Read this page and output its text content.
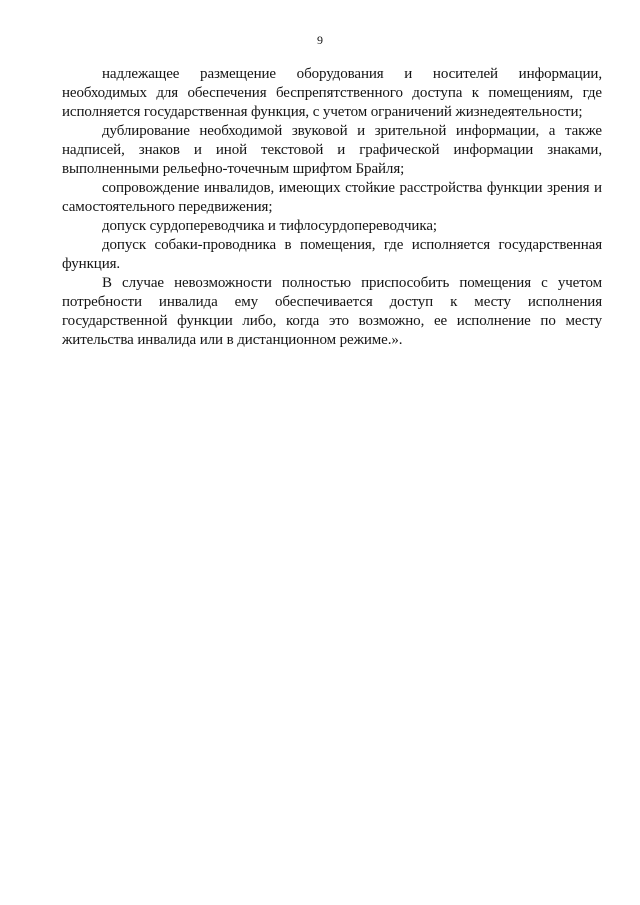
9

надлежащее размещение оборудования и носителей информации, необходимых для обеспечения беспрепятственного доступа к помещениям, где исполняется государственная функция, с учетом ограничений жизнедеятельности;

дублирование необходимой звуковой и зрительной информации, а также надписей, знаков и иной текстовой и графической информации знаками, выполненными рельефно-точечным шрифтом Брайля;

сопровождение инвалидов, имеющих стойкие расстройства функции зрения и самостоятельного передвижения;

допуск сурдопереводчика и тифлосурдопереводчика;

допуск собаки-проводника в помещения, где исполняется государственная функция.

В случае невозможности полностью приспособить помещения с учетом потребности инвалида ему обеспечивается доступ к месту исполнения государственной функции либо, когда это возможно, ее исполнение по месту жительства инвалида или в дистанционном режиме.».
